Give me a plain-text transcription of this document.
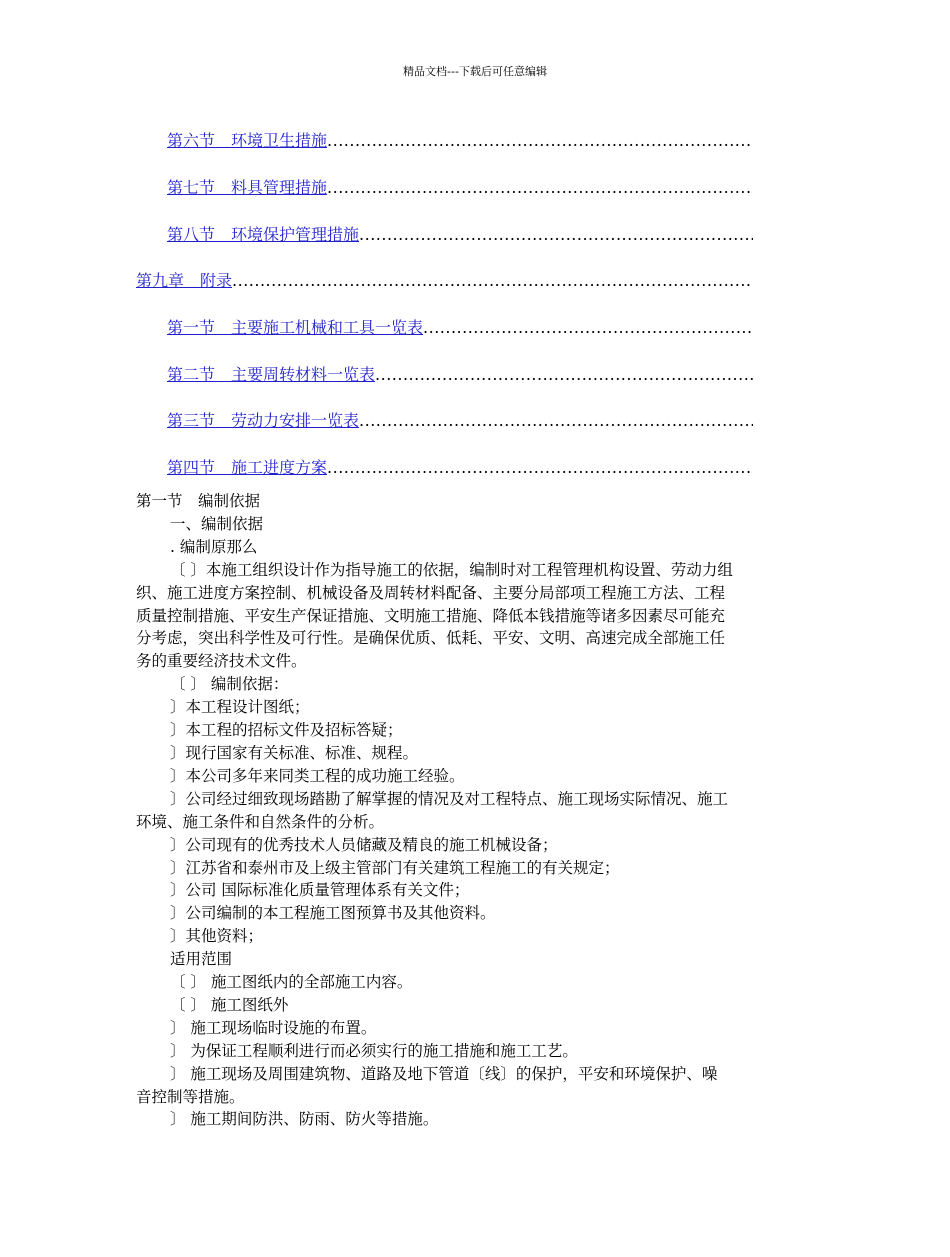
精品文档---下载后可任意编辑
第六节　环境卫生措施
.....
第七节　料具管理措施
.....
第八节　环境保护管理措施
.....
第九章　附录
.....
第一节　主要施工机械和工具一览表
.....
第二节　主要周转材料一览表
.....
第三节　劳动力安排一览表
.....
第四节　施工进度方案
.....
第一节　编制依据
一、编制依据
. 编制原那么
〔 〕本施工组织设计作为指导施工的依据，编制时对工程管理机构设置、劳动力组
织、施工进度方案控制、机械设备及周转材料配备、主要分局部项工程施工方法、工程
质量控制措施、平安生产保证措施、文明施工措施、降低本钱措施等诸多因素尽可能充
分考虑，突出科学性及可行性。是确保优质、低耗、平安、文明、高速完成全部施工任
务的重要经济技术文件。
〔 〕 编制依据：
〕本工程设计图纸；
〕本工程的招标文件及招标答疑；
〕现行国家有关标准、标准、规程。
〕本公司多年来同类工程的成功施工经验。
〕公司经过细致现场踏勘了解掌握的情况及对工程特点、施工现场实际情况、施工
环境、施工条件和自然条件的分析。
〕公司现有的优秀技术人员储藏及精良的施工机械设备；
〕江苏省和泰州市及上级主管部门有关建筑工程施工的有关规定；
〕公司 国际标准化质量管理体系有关文件；
〕公司编制的本工程施工图预算书及其他资料。
〕其他资料；
适用范围
〔 〕 施工图纸内的全部施工内容。
〔 〕 施工图纸外
〕 施工现场临时设施的布置。
〕 为保证工程顺利进行而必须实行的施工措施和施工工艺。
〕 施工现场及周围建筑物、道路及地下管道〔线〕的保护，平安和环境保护、噪
音控制等措施。
〕 施工期间防洪、防雨、防火等措施。
